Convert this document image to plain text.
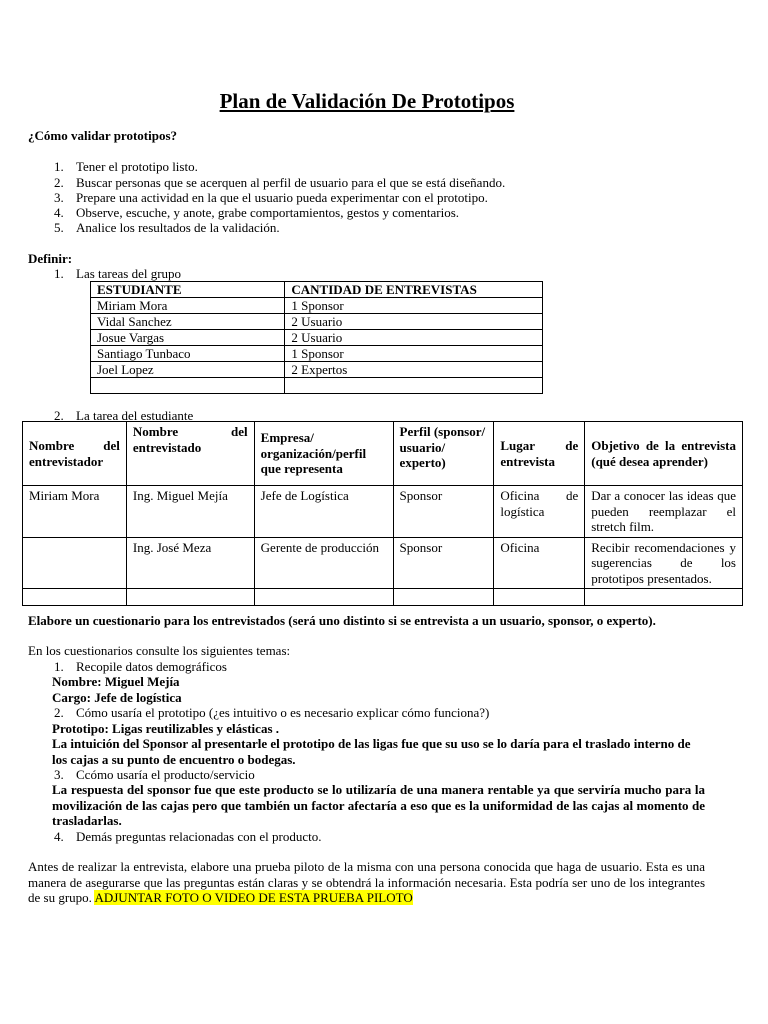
Plan de Validación De Prototipos
¿Cómo validar prototipos?
1. Tener el prototipo listo.
2. Buscar personas que se acerquen al perfil de usuario para el que se está diseñando.
3. Prepare una actividad en la que el usuario pueda experimentar con el prototipo.
4. Observe, escuche, y anote, grabe comportamientos, gestos y comentarios.
5. Analice los resultados de la validación.
Definir:
1. Las tareas del grupo
ESTUDIANTE	CANTIDAD DE ENTREVISTAS
Miriam Mora	1 Sponsor
Vidal Sanchez	2 Usuario
Josue Vargas	2 Usuario
Santiago Tunbaco	1 Sponsor
Joel Lopez	2 Expertos

2. La tarea del estudiante
Nombre del entrevistador	Nombre del entrevistado	Empresa/ organización/perfil que representa	Perfil (sponsor/ usuario/ experto)	Lugar de entrevista	Objetivo de la entrevista (qué desea aprender)
Miriam Mora	Ing. Miguel Mejía	Jefe de Logística	Sponsor	Oficina de logística	Dar a conocer las ideas que pueden reemplazar el stretch film.
	Ing. José Meza	Gerente de producción	Sponsor	Oficina	Recibir recomendaciones y sugerencias de los prototipos presentados.

Elabore un cuestionario para los entrevistados (será uno distinto si se entrevista a un usuario, sponsor, o experto).
En los cuestionarios consulte los siguientes temas:
1. Recopile datos demográficos
Nombre: Miguel Mejía
Cargo: Jefe de logística
2. Cómo usaría el prototipo (¿es intuitivo o es necesario explicar cómo funciona?)
Prototipo: Ligas reutilizables y elásticas .
La intuición del Sponsor al presentarle el prototipo de las ligas fue que su uso se lo daría para el traslado interno de los cajas a su punto de encuentro o bodegas.
3. Ccómo usaría el producto/servicio
La respuesta del sponsor fue que este producto se lo utilizaría de una manera rentable ya que serviría mucho para la movilización de las cajas pero que también un factor afectaría a eso que es la uniformidad de las cajas al momento de trasladarlas.
4. Demás preguntas relacionadas con el producto.
Antes de realizar la entrevista, elabore una prueba piloto de la misma con una persona conocida que haga de usuario. Esta es una manera de asegurarse que las preguntas están claras y se obtendrá la información necesaria. Esta podría ser uno de los integrantes de su grupo. ADJUNTAR FOTO O VIDEO DE ESTA PRUEBA PILOTO
